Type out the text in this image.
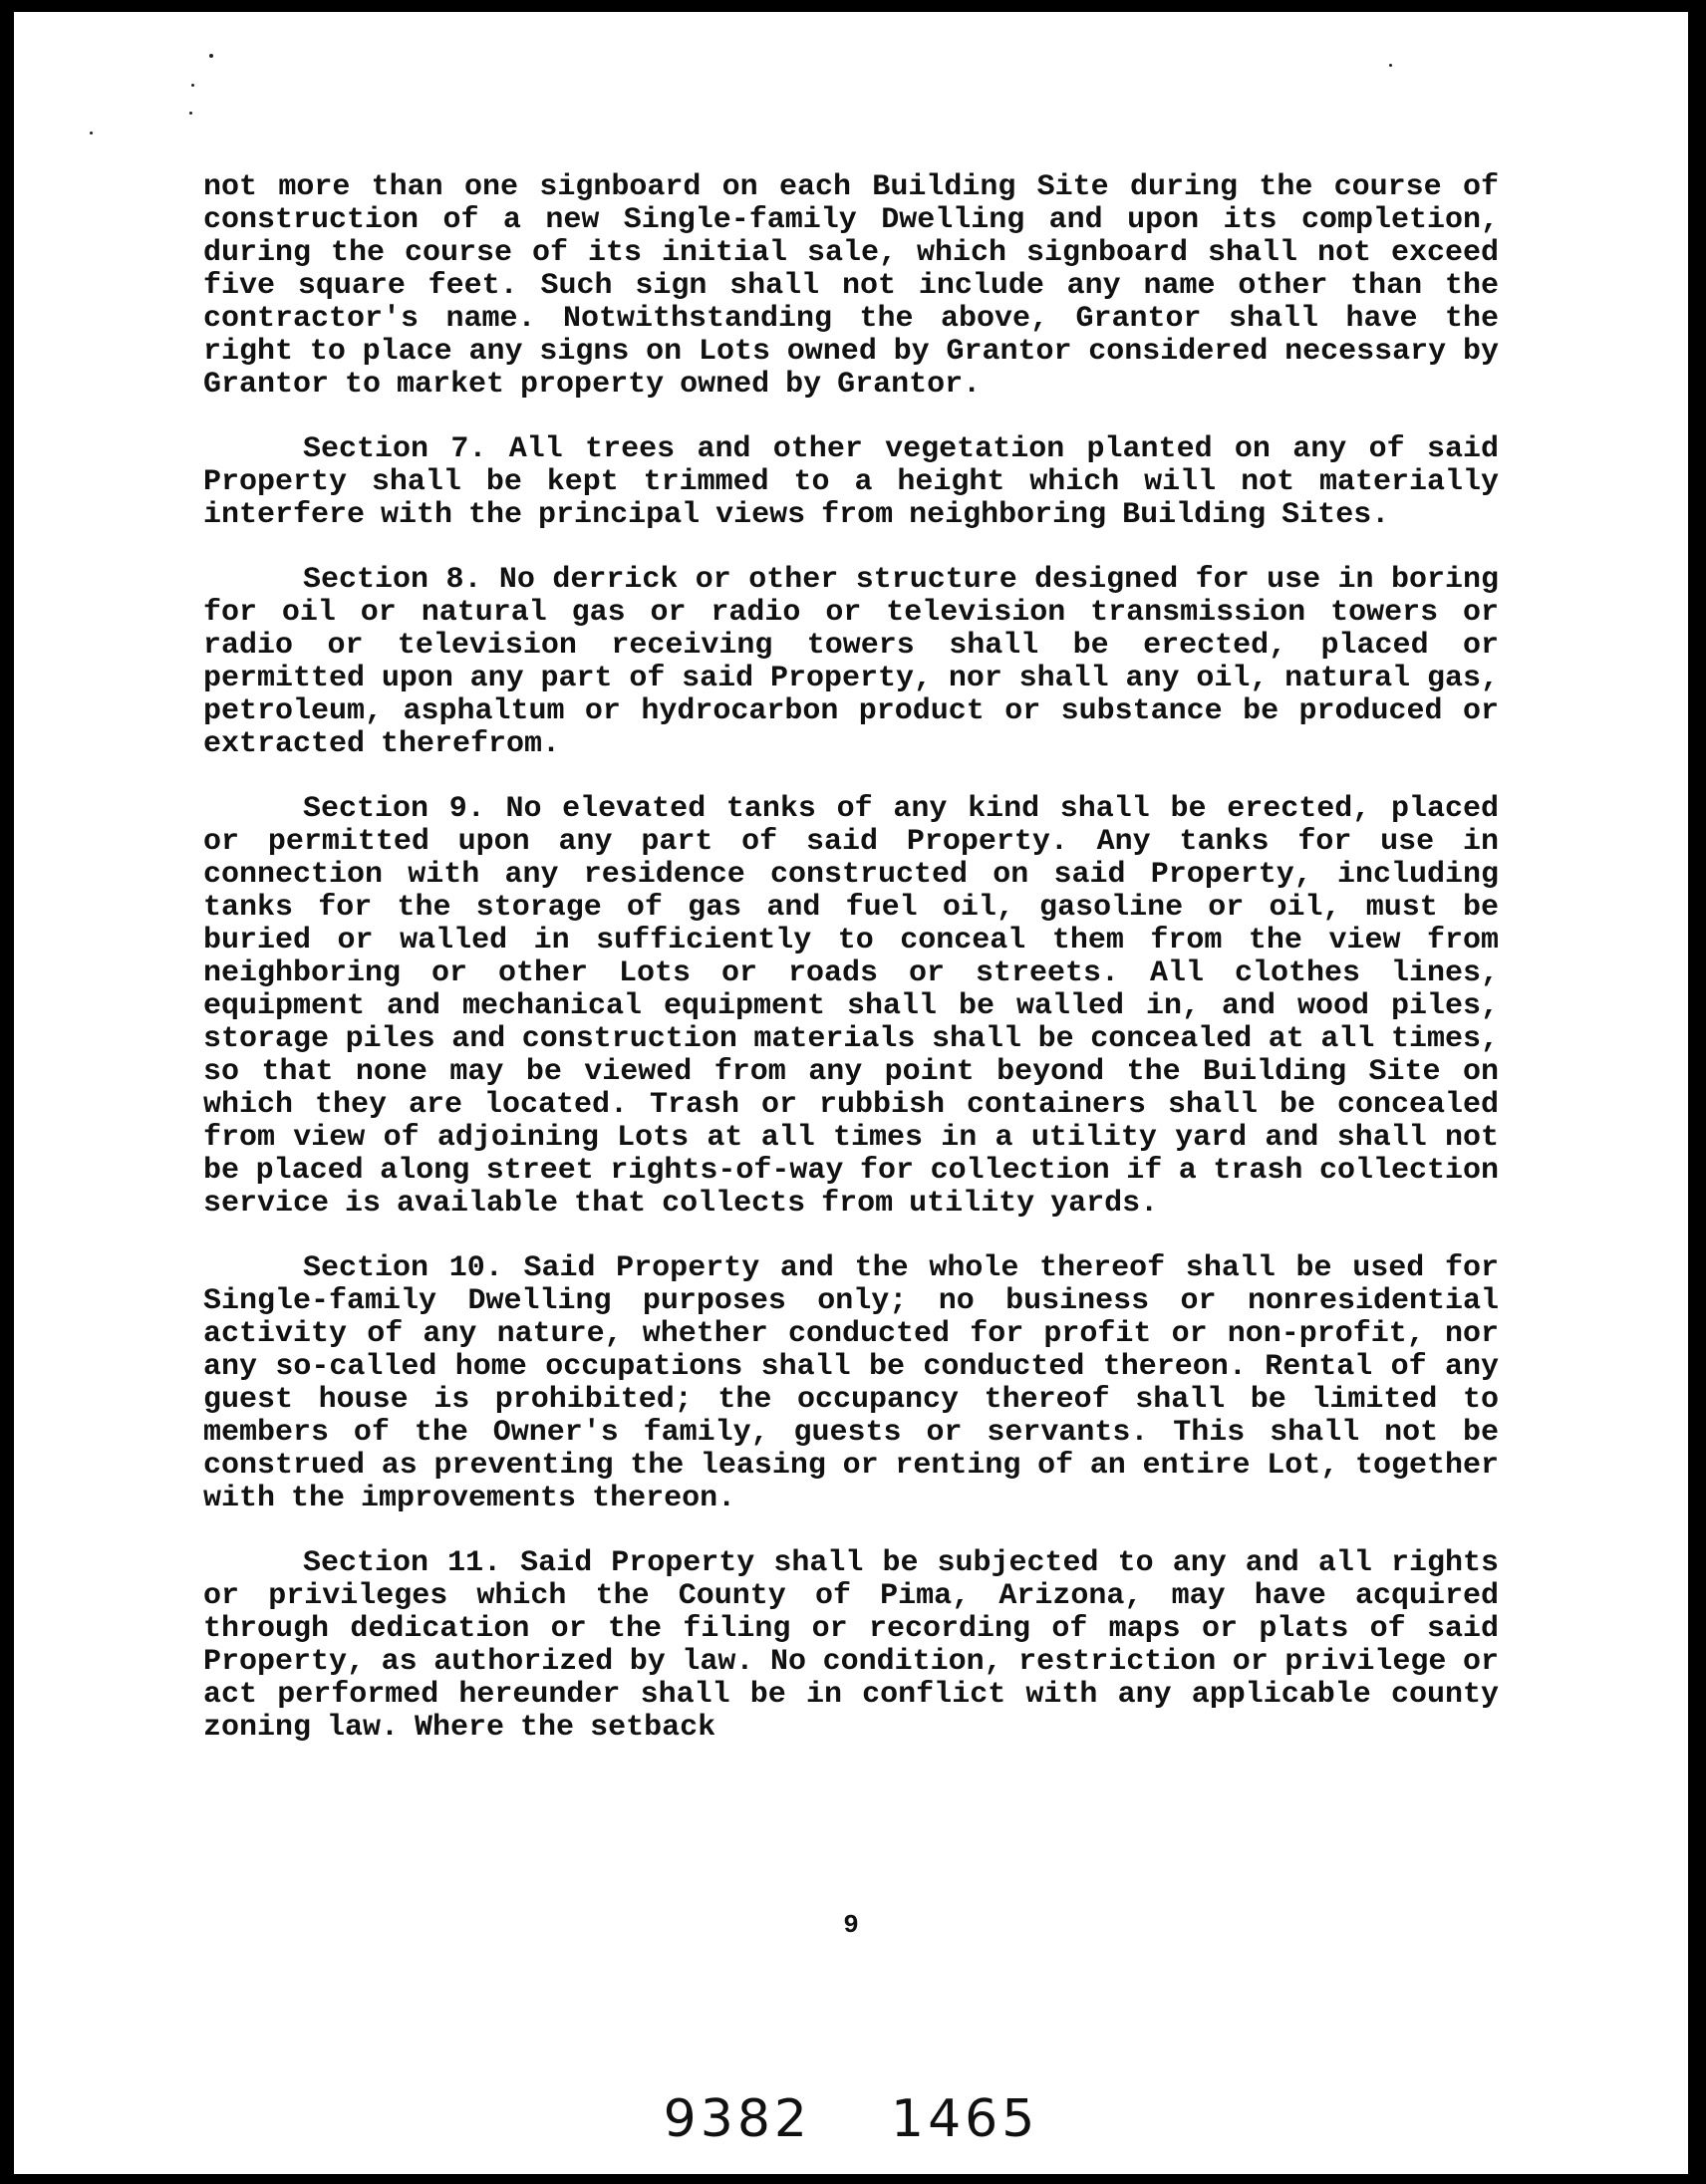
not more than one signboard on each Building Site during the course of construction of a new Single-family Dwelling and upon its completion, during the course of its initial sale, which signboard shall not exceed five square feet. Such sign shall not include any name other than the contractor's name. Notwithstanding the above, Grantor shall have the right to place any signs on Lots owned by Grantor considered necessary by Grantor to market property owned by Grantor.

Section 7. All trees and other vegetation planted on any of said Property shall be kept trimmed to a height which will not materially interfere with the principal views from neighboring Building Sites.

Section 8. No derrick or other structure designed for use in boring for oil or natural gas or radio or television transmission towers or radio or television receiving towers shall be erected, placed or permitted upon any part of said Property, nor shall any oil, natural gas, petroleum, asphaltum or hydrocarbon product or substance be produced or extracted therefrom.

Section 9. No elevated tanks of any kind shall be erected, placed or permitted upon any part of said Property. Any tanks for use in connection with any residence constructed on said Property, including tanks for the storage of gas and fuel oil, gasoline or oil, must be buried or walled in sufficiently to conceal them from the view from neighboring or other Lots or roads or streets. All clothes lines, equipment and mechanical equipment shall be walled in, and wood piles, storage piles and construction materials shall be concealed at all times, so that none may be viewed from any point beyond the Building Site on which they are located. Trash or rubbish containers shall be concealed from view of adjoining Lots at all times in a utility yard and shall not be placed along street rights-of-way for collection if a trash collection service is available that collects from utility yards.

Section 10. Said Property and the whole thereof shall be used for Single-family Dwelling purposes only; no business or nonresidential activity of any nature, whether conducted for profit or non-profit, nor any so-called home occupations shall be conducted thereon. Rental of any guest house is prohibited; the occupancy thereof shall be limited to members of the Owner's family, guests or servants. This shall not be construed as preventing the leasing or renting of an entire Lot, together with the improvements thereon.

Section 11. Said Property shall be subjected to any and all rights or privileges which the County of Pima, Arizona, may have acquired through dedication or the filing or recording of maps or plats of said Property, as authorized by law. No condition, restriction or privilege or act performed hereunder shall be in conflict with any applicable county zoning law. Where the setback

9
9382 1465
